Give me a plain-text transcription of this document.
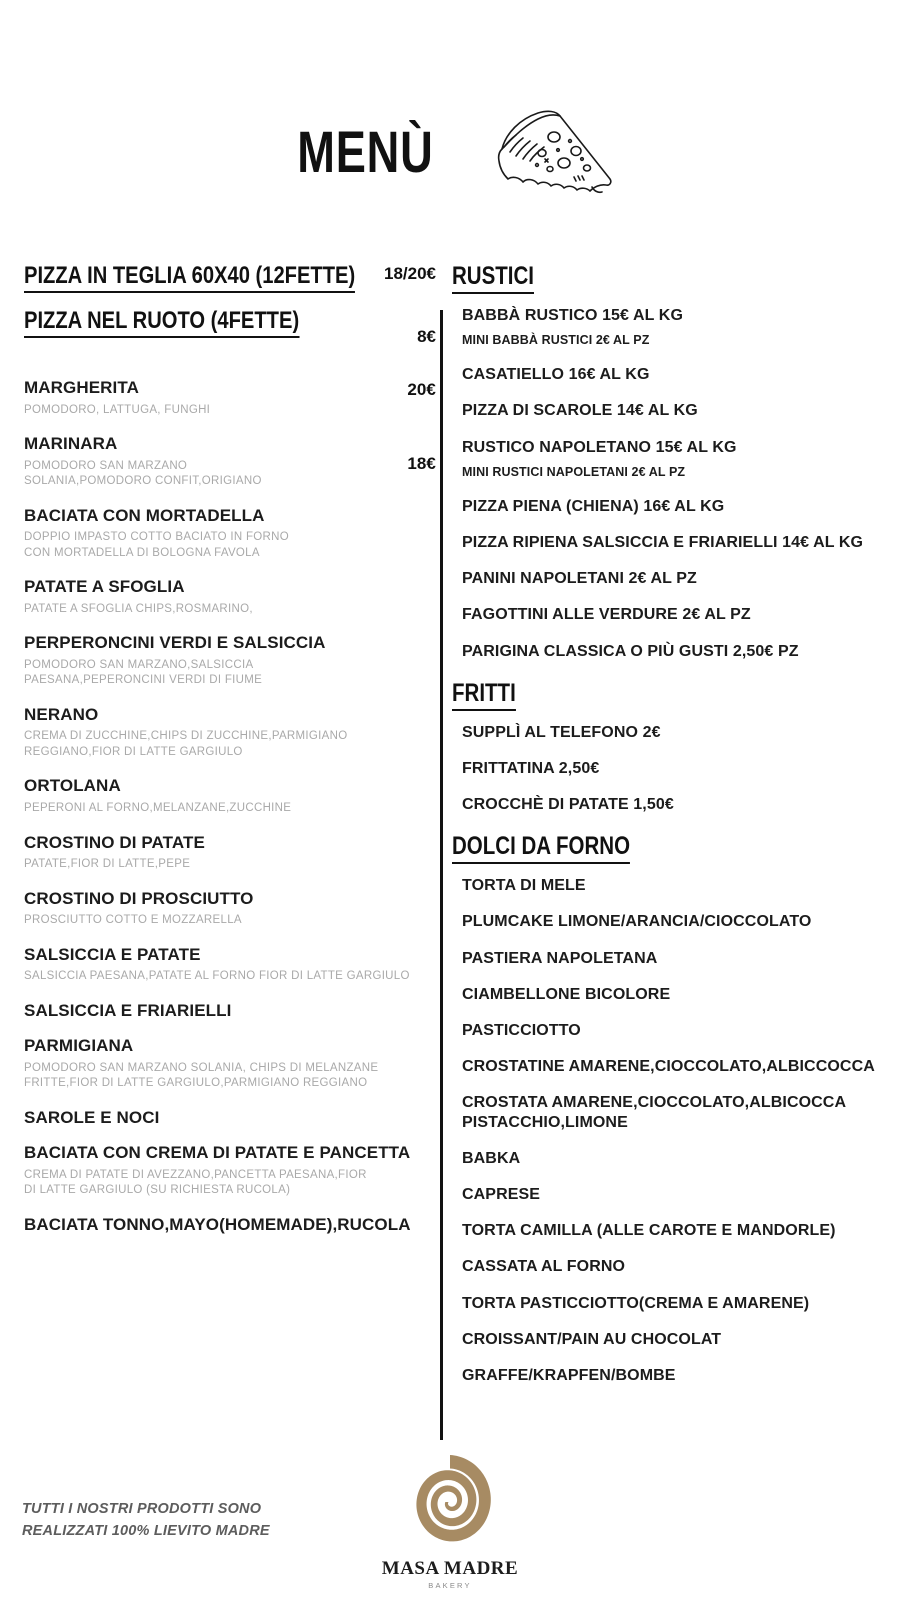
MENÙ
PIZZA IN TEGLIA 60X40 (12FETTE) 18/20€
PIZZA NEL RUOTO (4FETTE)
8€
MARGHERITA	20€
POMODORO, LATTUGA, FUNGHI
MARINARA
18€
POMODORO SAN MARZANO
SOLANIA,POMODORO CONFIT,ORIGIANO
BACIATA CON MORTADELLA
DOPPIO IMPASTO COTTO BACIATO IN FORNO
CON MORTADELLA DI BOLOGNA FAVOLA
PATATE A SFOGLIA
PATATE A SFOGLIA CHIPS,ROSMARINO,
PERPERONCINI VERDI E SALSICCIA
POMODORO SAN MARZANO,SALSICCIA
PAESANA,PEPERONCINI VERDI DI FIUME
NERANO
CREMA DI ZUCCHINE,CHIPS DI ZUCCHINE,PARMIGIANO
REGGIANO,FIOR DI LATTE GARGIULO
ORTOLANA
PEPERONI AL FORNO,MELANZANE,ZUCCHINE
CROSTINO DI PATATE
PATATE,FIOR DI LATTE,PEPE
CROSTINO DI PROSCIUTTO
PROSCIUTTO COTTO E MOZZARELLA
SALSICCIA E PATATE
SALSICCIA PAESANA,PATATE AL FORNO FIOR DI LATTE GARGIULO
SALSICCIA E FRIARIELLI
PARMIGIANA
POMODORO SAN MARZANO SOLANIA, CHIPS DI MELANZANE
FRITTE,FIOR DI LATTE GARGIULO,PARMIGIANO REGGIANO
SAROLE E NOCI
BACIATA CON CREMA DI PATATE E PANCETTA
CREMA DI PATATE DI AVEZZANO,PANCETTA PAESANA,FIOR
DI LATTE GARGIULO (SU RICHIESTA RUCOLA)
BACIATA TONNO,MAYO(HOMEMADE),RUCOLA
RUSTICI
BABBÀ RUSTICO 15€ AL KG
MINI BABBÀ RUSTICI 2€ AL PZ
CASATIELLO 16€ AL KG
PIZZA DI SCAROLE 14€ AL KG
RUSTICO NAPOLETANO 15€ AL KG
MINI RUSTICI NAPOLETANI 2€ AL PZ
PIZZA PIENA (CHIENA) 16€ AL KG
PIZZA RIPIENA SALSICCIA E FRIARIELLI 14€ AL KG
PANINI NAPOLETANI 2€ AL PZ
FAGOTTINI ALLE VERDURE 2€ AL PZ
PARIGINA CLASSICA O PIÙ GUSTI 2,50€ PZ
FRITTI
SUPPLÌ AL TELEFONO 2€
FRITTATINA 2,50€
CROCCHÈ DI PATATE 1,50€
DOLCI DA FORNO
TORTA DI MELE
PLUMCAKE LIMONE/ARANCIA/CIOCCOLATO
PASTIERA NAPOLETANA
CIAMBELLONE BICOLORE
PASTICCIOTTO
CROSTATINE AMARENE,CIOCCOLATO,ALBICCOCCA
CROSTATA AMARENE,CIOCCOLATO,ALBICOCCA
PISTACCHIO,LIMONE
BABKA
CAPRESE
TORTA CAMILLA (ALLE CAROTE E MANDORLE)
CASSATA AL FORNO
TORTA PASTICCIOTTO(CREMA E AMARENE)
CROISSANT/PAIN AU CHOCOLAT
GRAFFE/KRAPFEN/BOMBE
TUTTI I NOSTRI PRODOTTI SONO
REALIZZATI 100% LIEVITO MADRE
MASA MADRE
BAKERY
